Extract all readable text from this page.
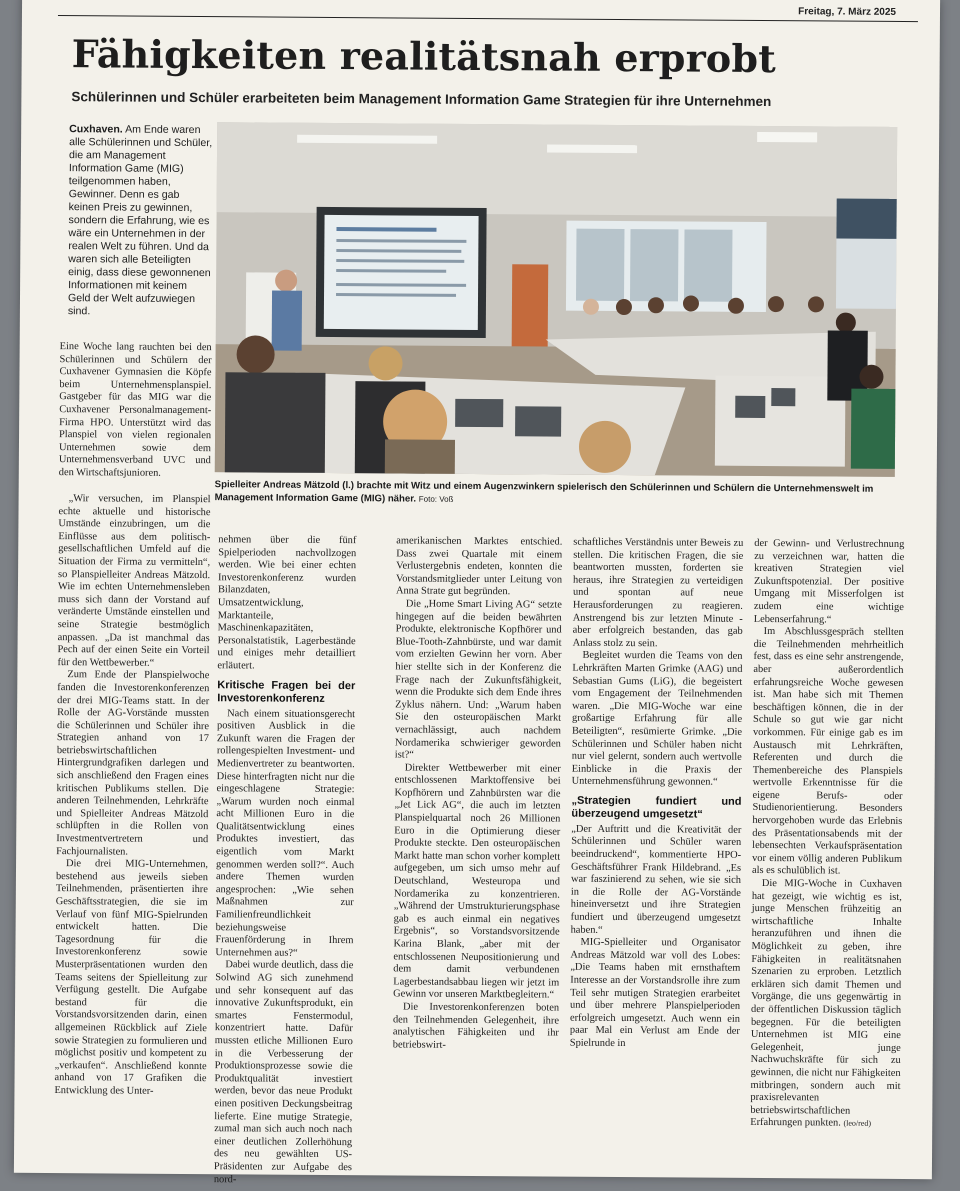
Freitag, 7. März 2025
Fähigkeiten realitätsnah erprobt
Schülerinnen und Schüler erarbeiteten beim Management Information Game Strategien für ihre Unternehmen

Cuxhaven. Am Ende waren alle Schülerinnen und Schüler, die am Management Information Game (MIG) teilgenommen haben, Gewinner. Denn es gab keinen Preis zu gewinnen, sondern die Erfahrung, wie es wäre ein Unternehmen in der realen Welt zu führen. Und da waren sich alle Beteiligten einig, dass diese gewonnenen Informationen mit keinem Geld der Welt aufzuwiegen sind.

Spielleiter Andreas Mätzold (l.) brachte mit Witz und einem Augenzwinkern spielerisch den Schülerinnen und Schülern die Unternehmenswelt im Management Information Game (MIG) näher. Foto: Voß

Eine Woche lang rauchten bei den Schülerinnen und Schülern der Cuxhavener Gymnasien die Köpfe beim Unternehmensplanspiel. Gastgeber für das MIG war die Cuxhavener Personalmanagement-Firma HPO. Unterstützt wird das Planspiel von vielen regionalen Unternehmen sowie dem Unternehmensverband UVC und den Wirtschaftsjunioren.

„Wir versuchen, im Planspiel echte aktuelle und historische Umstände einzubringen, um die Einflüsse aus dem politisch-gesellschaftlichen Umfeld auf die Situation der Firma zu vermitteln“, so Planspielleiter Andreas Mätzold. Wie im echten Unternehmensleben muss sich dann der Vorstand auf veränderte Umstände einstellen und seine Strategie bestmöglich anpassen. „Da ist manchmal das Pech auf der einen Seite ein Vorteil für den Wettbewerber.“

Zum Ende der Planspielwoche fanden die Investorenkonferenzen der drei MIG-Teams statt. In der Rolle der AG-Vorstände mussten die Schülerinnen und Schüler ihre Strategien anhand von 17 betriebswirtschaftlichen Hintergrundgrafiken darlegen und sich anschließend den Fragen eines kritischen Publikums stellen. Die anderen Teilnehmenden, Lehrkräfte und Spielleiter Andreas Mätzold schlüpften in die Rollen von Investmentvertretern und Fachjournalisten.

Die drei MIG-Unternehmen, bestehend aus jeweils sieben Teilnehmenden, präsentierten ihre Geschäftsstrategien, die sie im Verlauf von fünf MIG-Spielrunden entwickelt hatten. Die Tagesordnung für die Investorenkonferenz sowie Musterpräsentationen wurden den Teams seitens der Spielleitung zur Verfügung gestellt. Die Aufgabe bestand für die Vorstandsvorsitzenden darin, einen allgemeinen Rückblick auf Ziele sowie Strategien zu formulieren und möglichst positiv und kompetent zu „verkaufen“. Anschließend konnte anhand von 17 Grafiken die Entwicklung des Unter-

nehmen über die fünf Spielperioden nachvollzogen werden. Wie bei einer echten Investorenkonferenz wurden Bilanzdaten, Umsatzentwicklung, Marktanteile, Maschinenkapazitäten, Personalstatistik, Lagerbestände und einiges mehr detailliert erläutert.

Kritische Fragen bei der Investorenkonferenz

Nach einem situationsgerecht positiven Ausblick in die Zukunft waren die Fragen der rollengespielten Investment- und Medienvertreter zu beantworten. Diese hinterfragten nicht nur die eingeschlagene Strategie: „Warum wurden noch einmal acht Millionen Euro in die Qualitätsentwicklung eines Produktes investiert, das eigentlich vom Markt genommen werden soll?“. Auch andere Themen wurden angesprochen: „Wie sehen Maßnahmen zur Familienfreundlichkeit beziehungsweise Frauenförderung in Ihrem Unternehmen aus?“

Dabei wurde deutlich, dass die Solwind AG sich zunehmend und sehr konsequent auf das innovative Zukunftsprodukt, ein smartes Fenstermodul, konzentriert hatte. Dafür mussten etliche Millionen Euro in die Verbesserung der Produktionsprozesse sowie die Produktqualität investiert werden, bevor das neue Produkt einen positiven Deckungsbeitrag lieferte. Eine mutige Strategie, zumal man sich auch noch nach einer deutlichen Zollerhöhung des neu gewählten US-Präsidenten zur Aufgabe des nord-

amerikanischen Marktes entschied. Dass zwei Quartale mit einem Verlustergebnis endeten, konnten die Vorstandsmitglieder unter Leitung von Anna Strate gut begründen.

Die „Home Smart Living AG“ setzte hingegen auf die beiden bewährten Produkte, elektronische Kopfhörer und Blue-Tooth-Zahnbürste, und war damit vom erzielten Gewinn her vorn. Aber hier stellte sich in der Konferenz die Frage nach der Zukunftsfähigkeit, wenn die Produkte sich dem Ende ihres Zyklus nähern. Und: „Warum haben Sie den osteuropäischen Markt vernachlässigt, auch nachdem Nordamerika schwieriger geworden ist?“

Direkter Wettbewerber mit einer entschlossenen Marktoffensive bei Kopfhörern und Zahnbürsten war die „Jet Lick AG“, die auch im letzten Planspielquartal noch 26 Millionen Euro in die Optimierung dieser Produkte steckte. Den osteuropäischen Markt hatte man schon vorher komplett aufgegeben, um sich umso mehr auf Deutschland, Westeuropa und Nordamerika zu konzentrieren. „Während der Umstrukturierungsphase gab es auch einmal ein negatives Ergebnis“, so Vorstandsvorsitzende Karina Blank, „aber mit der entschlossenen Neupositionierung und dem damit verbundenen Lagerbestandsabbau liegen wir jetzt im Gewinn vor unseren Marktbegleitern.“

Die Investorenkonferenzen boten den Teilnehmenden Gelegenheit, ihre analytischen Fähigkeiten und ihr betriebswirt-

schaftliches Verständnis unter Beweis zu stellen. Die kritischen Fragen, die sie beantworten mussten, forderten sie heraus, ihre Strategien zu verteidigen und spontan auf neue Herausforderungen zu reagieren. Anstrengend bis zur letzten Minute - aber erfolgreich bestanden, das gab Anlass stolz zu sein.

Begleitet wurden die Teams von den Lehrkräften Marten Grimke (AAG) und Sebastian Gums (LiG), die begeistert vom Engagement der Teilnehmenden waren. „Die MIG-Woche war eine großartige Erfahrung für alle Beteiligten“, resümierte Grimke. „Die Schülerinnen und Schüler haben nicht nur viel gelernt, sondern auch wertvolle Einblicke in die Praxis der Unternehmensführung gewonnen.“

„Strategien fundiert und überzeugend umgesetzt“

„Der Auftritt und die Kreativität der Schülerinnen und Schüler waren beeindruckend“, kommentierte HPO-Geschäftsführer Frank Hildebrand. „Es war faszinierend zu sehen, wie sie sich in die Rolle der AG-Vorstände hineinversetzt und ihre Strategien fundiert und überzeugend umgesetzt haben.“

MIG-Spielleiter und Organisator Andreas Mätzold war voll des Lobes: „Die Teams haben mit ernsthaftem Interesse an der Vorstandsrolle ihre zum Teil sehr mutigen Strategien erarbeitet und über mehrere Planspielperioden erfolgreich umgesetzt. Auch wenn ein paar Mal ein Verlust am Ende der Spielrunde in

der Gewinn- und Verlustrechnung zu verzeichnen war, hatten die kreativen Strategien viel Zukunftspotenzial. Der positive Umgang mit Misserfolgen ist zudem eine wichtige Lebenserfahrung.“

Im Abschlussgespräch stellten die Teilnehmenden mehrheitlich fest, dass es eine sehr anstrengende, aber außerordentlich erfahrungsreiche Woche gewesen ist. Man habe sich mit Themen beschäftigen können, die in der Schule so gut wie gar nicht vorkommen. Für einige gab es im Austausch mit Lehrkräften, Referenten und durch die Themenbereiche des Planspiels wertvolle Erkenntnisse für die eigene Berufs- oder Studienorientierung. Besonders hervorgehoben wurde das Erlebnis des Präsentationsabends mit der lebensechten Verkaufspräsentation vor einem völlig anderen Publikum als es schulüblich ist.

Die MIG-Woche in Cuxhaven hat gezeigt, wie wichtig es ist, junge Menschen frühzeitig an wirtschaftliche Inhalte heranzuführen und ihnen die Möglichkeit zu geben, ihre Fähigkeiten in realitätsnahen Szenarien zu erproben. Letztlich erklären sich damit Themen und Vorgänge, die uns gegenwärtig in der öffentlichen Diskussion täglich begegnen. Für die beteiligten Unternehmen ist MIG eine Gelegenheit, junge Nachwuchskräfte für sich zu gewinnen, die nicht nur Fähigkeiten mitbringen, sondern auch mit praxisrelevanten betriebswirtschaftlichen Erfahrungen punkten. (leo/red)
